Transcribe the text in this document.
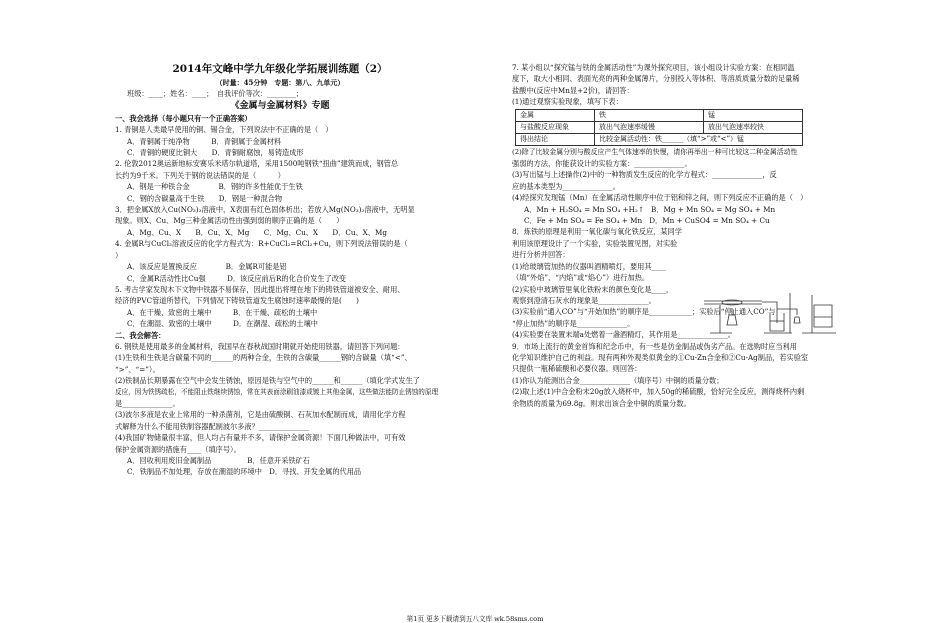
2014年文峰中学九年级化学拓展训练题（2）

（时量：45分钟　专题：第八、九单元）

班级：____；姓名：____；　自我评价等次：________；

《金属与金属材料》专题

一、我会选择（每小题只有一个正确答案）

1. 青铜是人类最早使用的铜、锡合金，下列说法中不正确的是（　）

A．青铜属于纯净物　　　B．青铜属于金属材料

C．青铜的硬度比铜大　　D．青铜耐腐蚀，易铸造成形

2. 伦敦2012奥运新地标安赛乐米塔尔轨道塔，采用1500吨钢铁“扭曲”建筑而成，钢管总

长约为9千米。下列关于钢的说法错误的是（　　　）

A．钢是一种铁合金　　　　B．钢的许多性能优于生铁

C．钢的含碳量高于生铁　　D．钢是一种混合物

3．把金属X放入Cu(NO₃)₂溶液中，X表面有红色固体析出；若放入Mg(NO₃)₂溶液中，无明显

现象。则X、Cu、Mg三种金属活动性由强到弱的顺序正确的是（　　）

A．Mg、Cu、X　　B．Cu、X、Mg　　C．Mg、Cu、X　　D．Cu、X、Mg

4. 金属R与CuCl₂溶液反应的化学方程式为：R+CuCl₂=RCl₂+Cu，则下列说法错误的是（

）

A．该反应是置换反应　　　　B．金属R可能是铝

C．金属R活动性比Cu强　　　D．该反应前后R的化合价发生了改变

5. 考古学家发现木下文物中铁器不易保存，因此提出将埋在地下的铸铁管道被安全、耐用、

经济的PVC管道所替代，下列情况下铸铁管道发生腐蚀时速率最慢的是(　　)

A．在干燥、致密的土壤中　　　B．在干燥、疏松的土壤中

C．在潮湿、致密的土壤中　　　D．在潮湿、疏松的土壤中

二、我会解答：

6. 钢铁是使用最多的金属材料，我国早在春秋战国时期就开始使用铁器。请回答下列问题：

(1)生铁和生铁是含碳量不同的______的两种合金，生铁的含碳量______钢的含碳量（填“<”、

“>”、“=”）。

(2)铁制品长期暴露在空气中会发生锈蚀，原因是铁与空气中的______和______（填化学式发生了

反应，因为铁锈疏松，不能阻止铁继续锈蚀，常在其表面涂刷油漆或镀上其他金属，这些做法能防止锈蚀的原理

是______________。

(3)波尔多液是农业上常用的一种杀菌剂，它是由硫酸铜、石灰加水配制而成，请用化学方程

式解释为什么不能用铁制容器配制波尔多液？______________

(4)我国矿物储量很丰富，但人均占有量并不多，请保护金属资源！下面几种做法中，可有效

保护金属资源的措施有____（填序号）。

A．回收利用废旧金属制品　　　　　B．任意开采铁矿石

C．铁制品不加处理，存放在潮湿的环境中　D．寻找、开发金属的代用品

7. 某小组以“探究锰与铁的金属活动性”为课外探究项目，该小组设计实验方案：在相同温

度下，取大小相同、表面光亮的两种金属薄片，分别投入等体积、等溶质质量分数的足量稀

盐酸中(反应中Mn显+2价)，请回答：

(1)通过观察实验现象，填写下表：

金属	铁	锰
与盐酸反应现象	放出气泡速率缓慢	放出气泡速率较快
得出结论	比较金属活动性：铁______（填“>”或“<”）锰	

(2)除了比较金属分别与酸反应产生气体速率的快慢，请你再举出一种可比较这二种金属活动性

强弱的方法，你能获设计的实验方案：______________。

(3)写出锰与上述操作(2)中的一种物质发生反应的化学方程式：______________，反

应的基本类型为______________。

(4)经探究发现锰（Mn）在金属活动性顺序中位于铝和锌之间，则下列反应不正确的是（　）

A．Mn + H₂SO₄ = Mn SO₄ +H₂↑　B．Mg + Mn SO₄ = Mg SO₄ + Mn

C．Fe + Mn SO₄ = Fe SO₄ + Mn　D．Mn + CuSO4 = Mn SO₄ + Cu

8．炼铁的原理是利用一氧化碳与氧化铁反应，某同学

利用该原理设计了一个实验，实验装置见图，对实验

进行分析并回答：

(1)给玻璃管加热的仪器叫酒精喷灯，要用其____

（填“外焰”、“内焰”或“焰心”）进行加热。

(2)实验中玻璃管里氧化铁粉末的颜色变化是____，

观察到澄清石灰水的现象是______________。

(3)实验前“通入CO”与“开始加热”的顺序是____________；实验后“停止通入CO”与

“停止加热”的顺序是______________。

(4)实验要在装置末端a处燃着一盏酒精灯，其作用是______________。

9．市场上流行的黄金首饰和纪念币中，有一些是仿金制品或伪劣产品。在选购时应当利用

化学知识维护自己的利益。现有两种外观类似黄金的①Cu-Zn合金和②Cu-Ag制品，若实验室

只提供一瓶稀硫酸和必要仪器。则回答：

(1)你认为能测出合金______________（填序号）中铜的质量分数；

(2)取上述(1)中合金粉末20g放入烧杯中，加入50g的稀硫酸，恰好完全反应，测得烧杯内剩

余物质的质量为69.8g。则求出该合金中铜的质量分数。

第1页 更多下载请到五八文库 wk.58sms.com
